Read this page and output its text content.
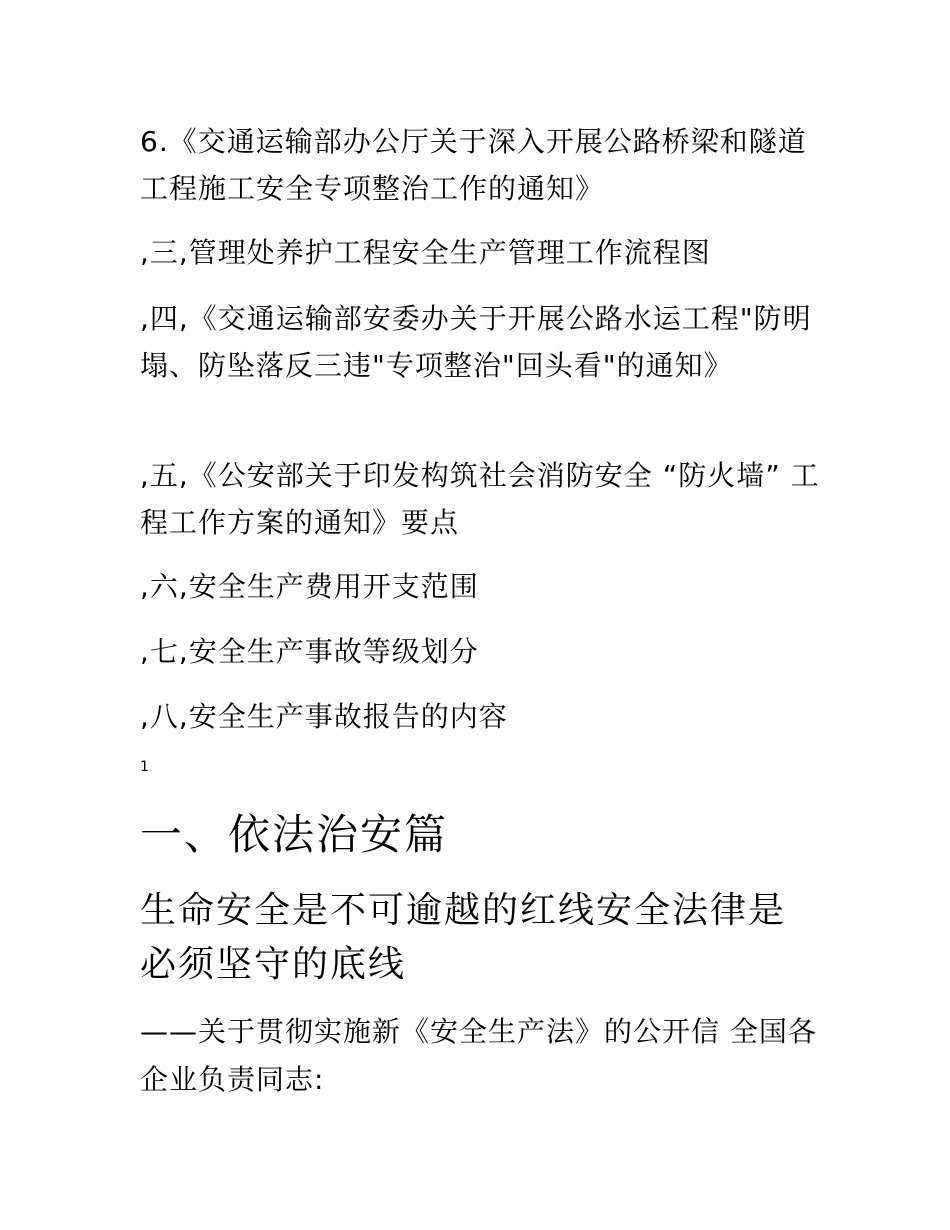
6.《交通运输部办公厅关于深入开展公路桥梁和隧道工程施工安全专项整治工作的通知》

,三,管理处养护工程安全生产管理工作流程图

,四,《交通运输部安委办关于开展公路水运工程"防明塌、防坠落反三违"专项整治"回头看"的通知》

,五,《公安部关于印发构筑社会消防安全 “防火墙” 工程工作方案的通知》要点

,六,安全生产费用开支范围

,七,安全生产事故等级划分

,八,安全生产事故报告的内容

1

一、依法治安篇
生命安全是不可逾越的红线安全法律是必须坚守的底线

——关于贯彻实施新《安全生产法》的公开信 全国各企业负责同志:
